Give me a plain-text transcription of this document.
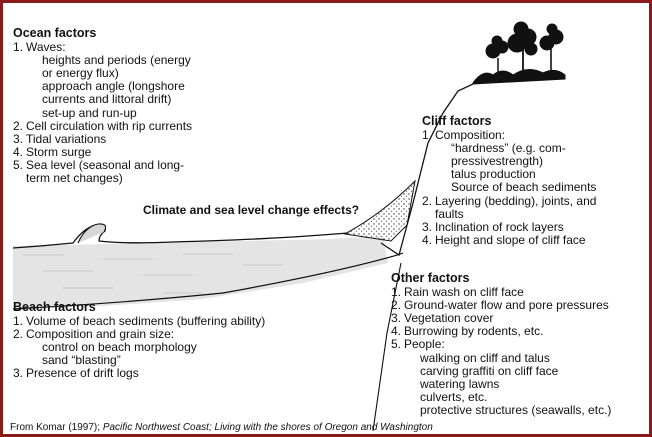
Ocean factors
1. Waves:
heights and periods (energy
or energy flux)
approach angle (longshore
currents and littoral drift)
set-up and run-up
2. Cell circulation with rip currents
3. Tidal variations
4. Storm surge
5. Sea level (seasonal and long-
term net changes)
Climate and sea level change effects?
Cliff factors
1. Composition:
“hardness” (e.g. com-
pressivestrength)
talus production
Source of beach sediments
2. Layering (bedding), joints, and
faults
3. Inclination of rock layers
4. Height and slope of cliff face
Other factors
1. Rain wash on cliff face
2. Ground-water flow and pore pressures
3. Vegetation cover
4. Burrowing by rodents, etc.
5. People:
walking on cliff and talus
carving graffiti on cliff face
watering lawns
culverts, etc.
protective structures (seawalls, etc.)
Beach factors
1. Volume of beach sediments (buffering ability)
2. Composition and grain size:
control on beach morphology
sand “blasting”
3. Presence of drift logs
From Komar (1997); Pacific Northwest Coast; Living with the shores of Oregon and Washington
